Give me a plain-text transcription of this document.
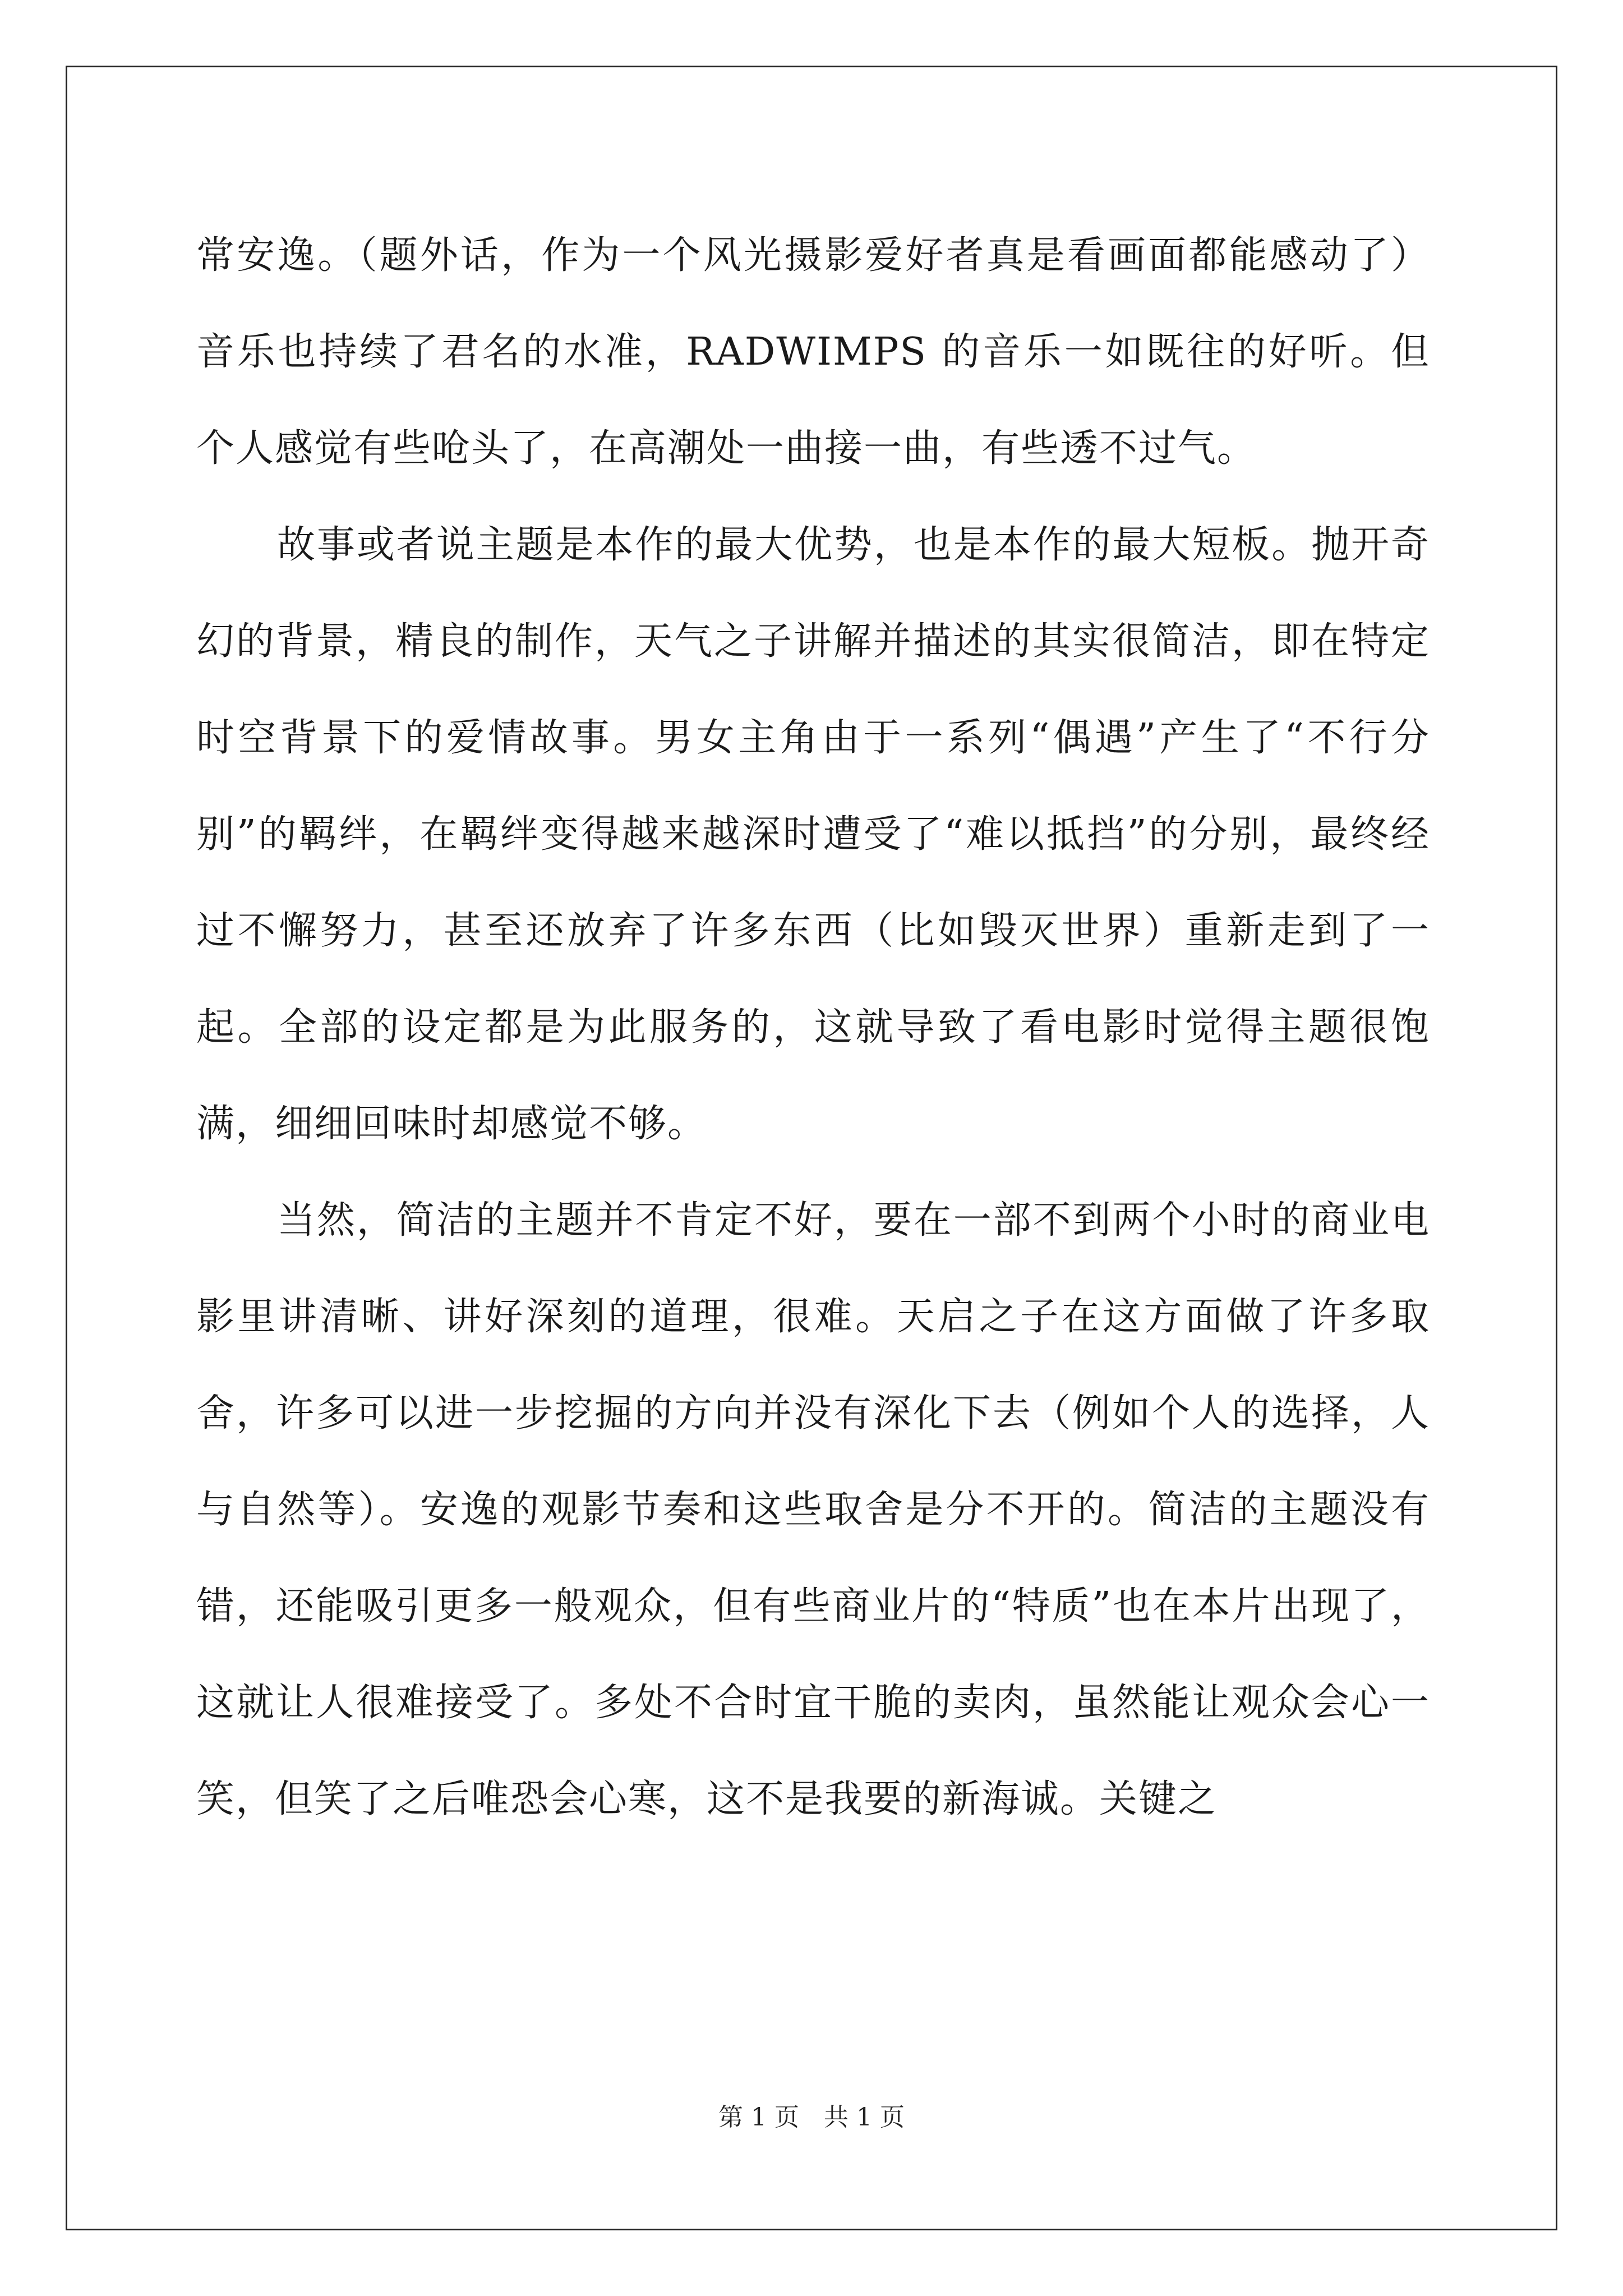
常安逸。（题外话，作为一个风光摄影爱好者真是看画面都能感动了）音乐也持续了君名的水准，RADWIMPS 的音乐一如既往的好听。但个人感觉有些呛头了，在高潮处一曲接一曲，有些透不过气。

故事或者说主题是本作的最大优势，也是本作的最大短板。抛开奇幻的背景，精良的制作，天气之子讲解并描述的其实很简洁，即在特定时空背景下的爱情故事。男女主角由于一系列“偶遇”产生了“不行分别”的羁绊，在羁绊变得越来越深时遭受了“难以抵挡”的分别，最终经过不懈努力，甚至还放弃了许多东西（比如毁灭世界）重新走到了一起。全部的设定都是为此服务的，这就导致了看电影时觉得主题很饱满，细细回味时却感觉不够。

当然，简洁的主题并不肯定不好，要在一部不到两个小时的商业电影里讲清晰、讲好深刻的道理，很难。天启之子在这方面做了许多取舍，许多可以进一步挖掘的方向并没有深化下去（例如个人的选择，人与自然等）。安逸的观影节奏和这些取舍是分不开的。简洁的主题没有错，还能吸引更多一般观众，但有些商业片的“特质”也在本片出现了，这就让人很难接受了。多处不合时宜干脆的卖肉，虽然能让观众会心一笑，但笑了之后唯恐会心寒，这不是我要的新海诚。关键之

第 1 页 共 1 页
